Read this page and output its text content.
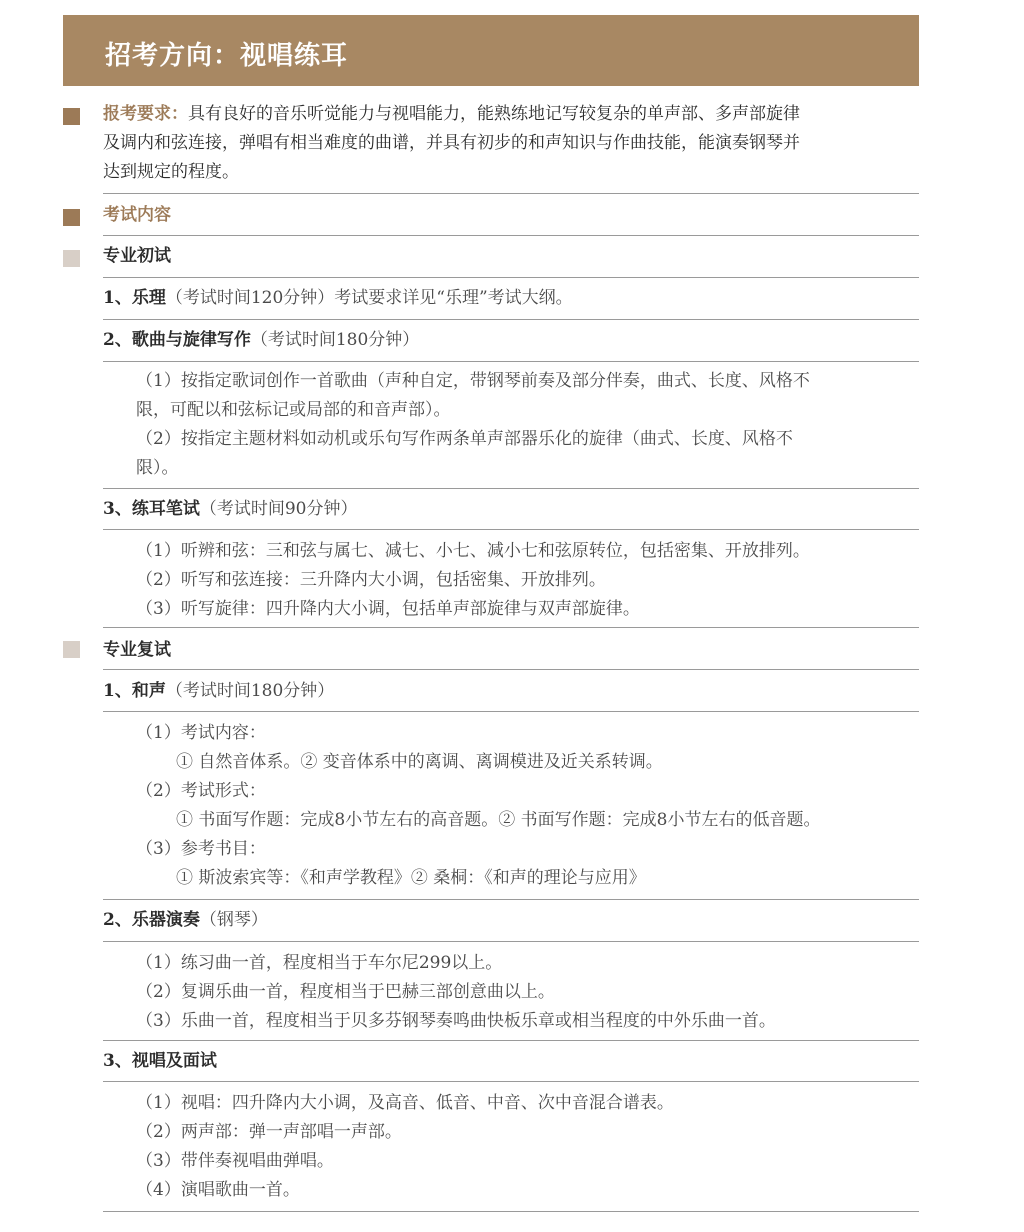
招考方向：视唱练耳
报考要求：具有良好的音乐听觉能力与视唱能力，能熟练地记写较复杂的单声部、多声部旋律
及调内和弦连接，弹唱有相当难度的曲谱，并具有初步的和声知识与作曲技能，能演奏钢琴并
达到规定的程度。
考试内容
专业初试
1、乐理（考试时间120分钟）考试要求详见“乐理”考试大纲。
2、歌曲与旋律写作（考试时间180分钟）
（1）按指定歌词创作一首歌曲（声种自定，带钢琴前奏及部分伴奏，曲式、长度、风格不
限，可配以和弦标记或局部的和音声部）。
（2）按指定主题材料如动机或乐句写作两条单声部器乐化的旋律（曲式、长度、风格不
限）。
3、练耳笔试（考试时间90分钟）
（1）听辨和弦：三和弦与属七、减七、小七、减小七和弦原转位，包括密集、开放排列。
（2）听写和弦连接：三升降内大小调，包括密集、开放排列。
（3）听写旋律：四升降内大小调，包括单声部旋律与双声部旋律。
专业复试
1、和声（考试时间180分钟）
（1）考试内容：
① 自然音体系。② 变音体系中的离调、离调模进及近关系转调。
（2）考试形式：
① 书面写作题：完成8小节左右的高音题。② 书面写作题：完成8小节左右的低音题。
（3）参考书目：
① 斯波索宾等：《和声学教程》② 桑桐：《和声的理论与应用》
2、乐器演奏（钢琴）
（1）练习曲一首，程度相当于车尔尼299以上。
（2）复调乐曲一首，程度相当于巴赫三部创意曲以上。
（3）乐曲一首，程度相当于贝多芬钢琴奏鸣曲快板乐章或相当程度的中外乐曲一首。
3、视唱及面试
（1）视唱：四升降内大小调，及高音、低音、中音、次中音混合谱表。
（2）两声部：弹一声部唱一声部。
（3）带伴奏视唱曲弹唱。
（4）演唱歌曲一首。
